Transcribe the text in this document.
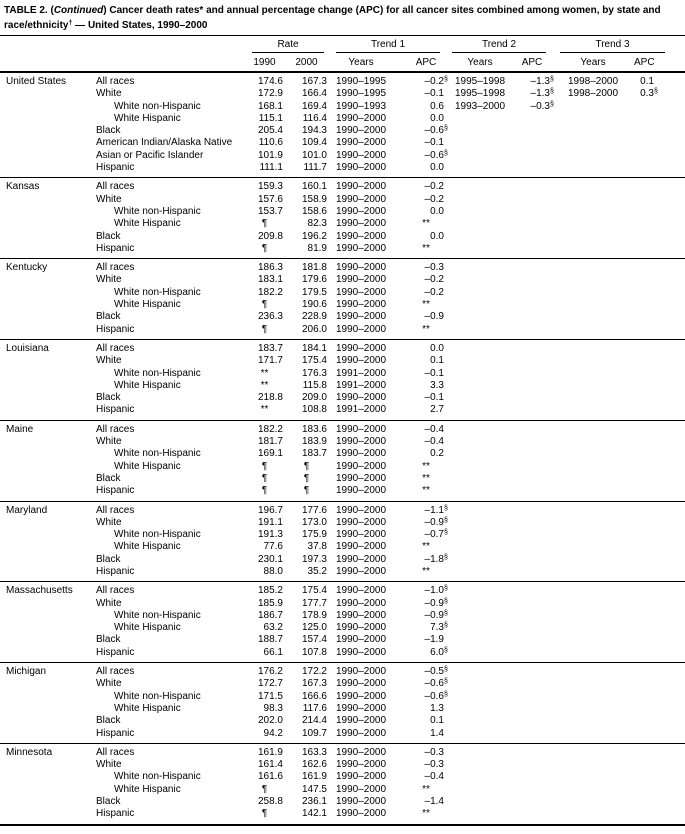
TABLE 2. (Continued) Cancer death rates* and annual percentage change (APC) for all cancer sites combined among women, by state and race/ethnicity† — United States, 1990–2000

		Rate		Trend 1		Trend 2		Trend 3	

		1990	2000	Years	APC	Years	APC	Years	APC
United States	All races	174.6	167.3	1990–1995	–0.2§	1995–1998	–1.3§	1998–2000	0.1
	White	172.9	166.4	1990–1995	–0.1	1995–1998	–1.3§	1998–2000	0.3§
	White non-Hispanic	168.1	169.4	1990–1993	0.6	1993–2000	–0.3§		
	White Hispanic	115.1	116.4	1990–2000	0.0				
	Black	205.4	194.3	1990–2000	–0.6§				
	American Indian/Alaska Native	110.6	109.4	1990–2000	–0.1				
	Asian or Pacific Islander	101.9	101.0	1990–2000	–0.6§				
	Hispanic	111.1	111.7	1990–2000	0.0				
Kansas	All races	159.3	160.1	1990–2000	–0.2				
	White	157.6	158.9	1990–2000	–0.2				
	White non-Hispanic	153.7	158.6	1990–2000	0.0				
	White Hispanic	¶	82.3	1990–2000	**				
	Black	209.8	196.2	1990–2000	0.0				
	Hispanic	¶	81.9	1990–2000	**				
Kentucky	All races	186.3	181.8	1990–2000	–0.3				
	White	183.1	179.6	1990–2000	–0.2				
	White non-Hispanic	182.2	179.5	1990–2000	–0.2				
	White Hispanic	¶	190.6	1990–2000	**				
	Black	236.3	228.9	1990–2000	–0.9				
	Hispanic	¶	206.0	1990–2000	**				
Louisiana	All races	183.7	184.1	1990–2000	0.0				
	White	171.7	175.4	1990–2000	0.1				
	White non-Hispanic	**	176.3	1991–2000	–0.1				
	White Hispanic	**	115.8	1991–2000	3.3				
	Black	218.8	209.0	1990–2000	–0.1				
	Hispanic	**	108.8	1991–2000	2.7				
Maine	All races	182.2	183.6	1990–2000	–0.4				
	White	181.7	183.9	1990–2000	–0.4				
	White non-Hispanic	169.1	183.7	1990–2000	0.2				
	White Hispanic	¶	¶	1990–2000	**				
	Black	¶	¶	1990–2000	**				
	Hispanic	¶	¶	1990–2000	**				
Maryland	All races	196.7	177.6	1990–2000	–1.1§				
	White	191.1	173.0	1990–2000	–0.9§				
	White non-Hispanic	191.3	175.9	1990–2000	–0.7§				
	White Hispanic	77.6	37.8	1990–2000	**				
	Black	230.1	197.3	1990–2000	–1.8§				
	Hispanic	88.0	35.2	1990–2000	**				
Massachusetts	All races	185.2	175.4	1990–2000	–1.0§				
	White	185.9	177.7	1990–2000	–0.9§				
	White non-Hispanic	186.7	178.9	1990–2000	–0.9§				
	White Hispanic	63.2	125.0	1990–2000	7.3§				
	Black	188.7	157.4	1990–2000	–1.9				
	Hispanic	66.1	107.8	1990–2000	6.0§				
Michigan	All races	176.2	172.2	1990–2000	–0.5§				
	White	172.7	167.3	1990–2000	–0.6§				
	White non-Hispanic	171.5	166.6	1990–2000	–0.6§				
	White Hispanic	98.3	117.6	1990–2000	1.3				
	Black	202.0	214.4	1990–2000	0.1				
	Hispanic	94.2	109.7	1990–2000	1.4				
Minnesota	All races	161.9	163.3	1990–2000	–0.3				
	White	161.4	162.6	1990–2000	–0.3				
	White non-Hispanic	161.6	161.9	1990–2000	–0.4				
	White Hispanic	¶	147.5	1990–2000	**				
	Black	258.8	236.1	1990–2000	–1.4				
	Hispanic	¶	142.1	1990–2000	**				
